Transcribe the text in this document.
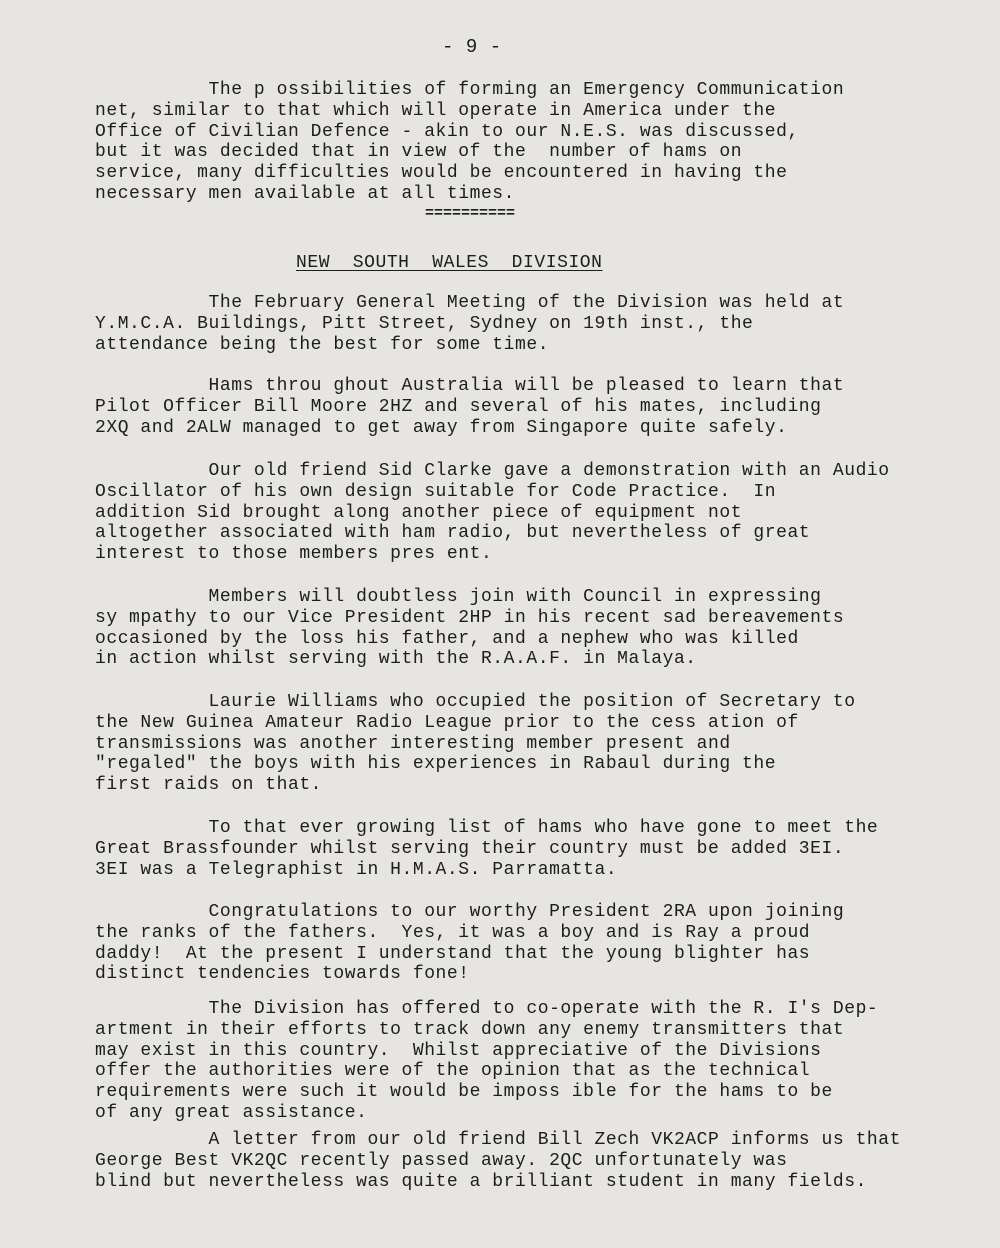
- 9 -
The p ossibilities of forming an Emergency Communication
net, similar to that which will operate in America under the
Office of Civilian Defence - akin to our N.E.S. was discussed,
but it was decided that in view of the  number of hams on
service, many difficulties would be encountered in having the
necessary men available at all times.
==========
NEW  SOUTH  WALES  DIVISION
The February General Meeting of the Division was held at
Y.M.C.A. Buildings, Pitt Street, Sydney on 19th inst., the
attendance being the best for some time.
Hams throu ghout Australia will be pleased to learn that
Pilot Officer Bill Moore 2HZ and several of his mates, including
2XQ and 2ALW managed to get away from Singapore quite safely.
Our old friend Sid Clarke gave a demonstration with an Audio
Oscillator of his own design suitable for Code Practice.  In
addition Sid brought along another piece of equipment not
altogether associated with ham radio, but nevertheless of great
interest to those members pres ent.
Members will doubtless join with Council in expressing
sy mpathy to our Vice President 2HP in his recent sad bereavements
occasioned by the loss his father, and a nephew who was killed
in action whilst serving with the R.A.A.F. in Malaya.
Laurie Williams who occupied the position of Secretary to
the New Guinea Amateur Radio League prior to the cess ation of
transmissions was another interesting member present and
"regaled" the boys with his experiences in Rabaul during the
first raids on that.
To that ever growing list of hams who have gone to meet the
Great Brassfounder whilst serving their country must be added 3EI.
3EI was a Telegraphist in H.M.A.S. Parramatta.
Congratulations to our worthy President 2RA upon joining
the ranks of the fathers.  Yes, it was a boy and is Ray a proud
daddy!  At the present I understand that the young blighter has
distinct tendencies towards fone!
The Division has offered to co-operate with the R. I's Dep-
artment in their efforts to track down any enemy transmitters that
may exist in this country.  Whilst appreciative of the Divisions
offer the authorities were of the opinion that as the technical
requirements were such it would be imposs ible for the hams to be
of any great assistance.
A letter from our old friend Bill Zech VK2ACP informs us that
George Best VK2QC recently passed away. 2QC unfortunately was
blind but nevertheless was quite a brilliant student in many fields.
